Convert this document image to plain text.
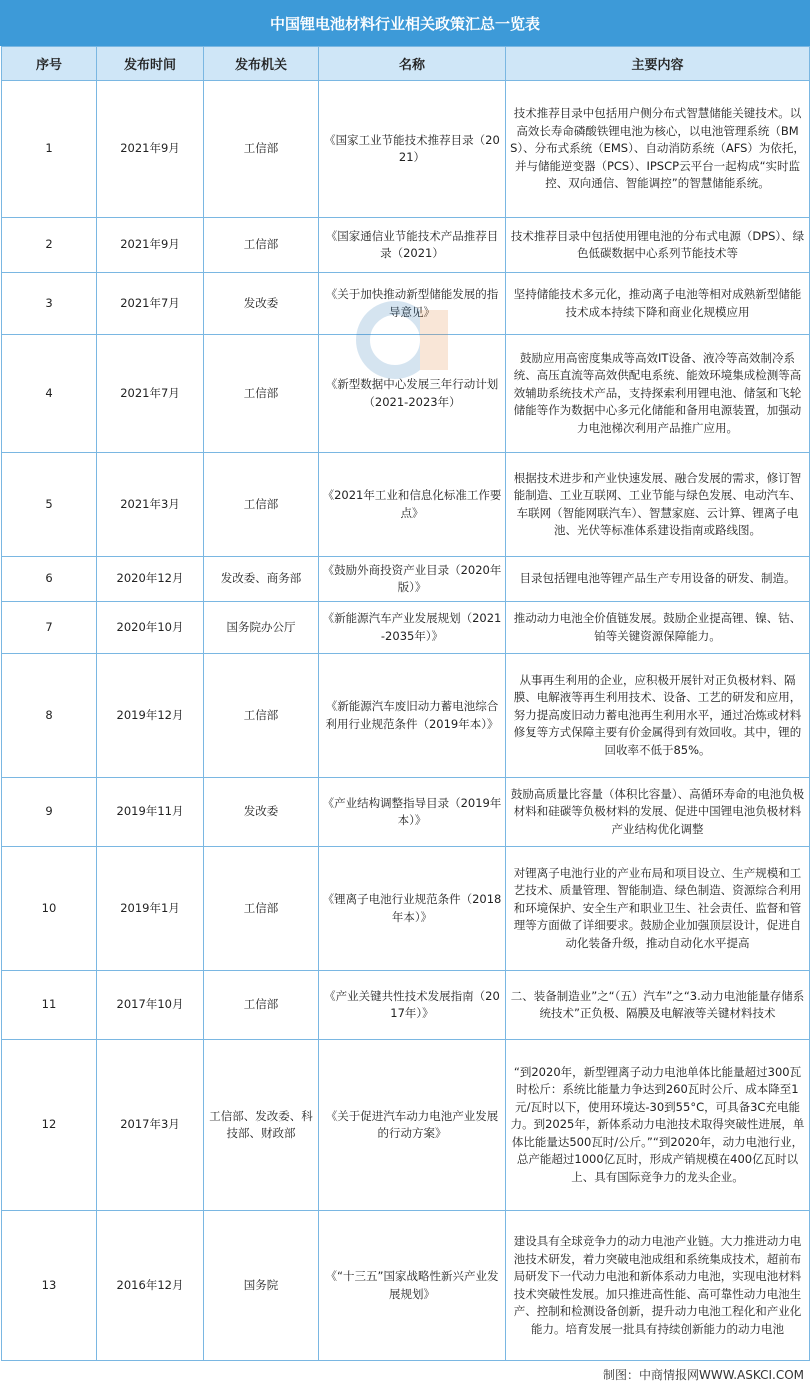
中国锂电池材料行业相关政策汇总一览表
序号	发布时间	发布机关	名称	主要内容
1	2021年9月	工信部	《国家工业节能技术推荐目录（2021）	技术推荐目录中包括用户侧分布式智慧储能关键技术。以高效长寿命磷酸铁锂电池为核心，以电池管理系统（BMS）、分布式系统（EMS）、自动消防系统（AFS）为依托，并与储能逆变器（PCS）、IPSCP云平台一起构成“实时监控、双向通信、智能调控”的智慧储能系统。
2	2021年9月	工信部	《国家通信业节能技术产品推荐目录（2021）	技术推荐目录中包括使用锂电池的分布式电源（DPS）、绿色低碳数据中心系列节能技术等
3	2021年7月	发改委	《关于加快推动新型储能发展的指导意见》	坚持储能技术多元化，推动离子电池等相对成熟新型储能技术成本持续下降和商业化规模应用
4	2021年7月	工信部	《新型数据中心发展三年行动计划（2021-2023年）	鼓励应用高密度集成等高效IT设备、液冷等高效制冷系统、高压直流等高效供配电系统、能效环境集成检测等高效辅助系统技术产品，支持探索利用锂电池、储氢和飞轮储能等作为数据中心多元化储能和备用电源装置，加强动力电池梯次利用产品推广应用。
5	2021年3月	工信部	《2021年工业和信息化标准工作要点》	根据技术进步和产业快速发展、融合发展的需求，修订智能制造、工业互联网、工业节能与绿色发展、电动汽车、车联网（智能网联汽车）、智慧家庭、云计算、锂离子电池、光伏等标准体系建设指南或路线图。
6	2020年12月	发改委、商务部	《鼓励外商投资产业目录（2020年版）》	目录包括锂电池等锂产品生产专用设备的研发、制造。
7	2020年10月	国务院办公厅	《新能源汽车产业发展规划（2021-2035年）》	推动动力电池全价值链发展。鼓励企业提高锂、镍、钴、铂等关键资源保障能力。
8	2019年12月	工信部	《新能源汽车废旧动力蓄电池综合利用行业规范条件（2019年本）》	从事再生利用的企业，应积极开展针对正负极材料、隔膜、电解液等再生利用技术、设备、工艺的研发和应用，努力提高废旧动力蓄电池再生利用水平，通过冶炼或材料修复等方式保障主要有价金属得到有效回收。其中，锂的回收率不低于85%。
9	2019年11月	发改委	《产业结构调整指导目录（2019年本）》	鼓励高质量比容量（体积比容量）、高循环寿命的电池负极材料和硅碳等负极材料的发展、促进中国锂电池负极材料产业结构优化调整
10	2019年1月	工信部	《锂离子电池行业规范条件（2018年本）》	对锂离子电池行业的产业布局和项目设立、生产规模和工艺技术、质量管理、智能制造、绿色制造、资源综合利用和环境保护、安全生产和职业卫生、社会责任、监督和管理等方面做了详细要求。鼓励企业加强顶层设计，促进自动化装备升级，推动自动化水平提高
11	2017年10月	工信部	《产业关键共性技术发展指南（2017年）》	二、装备制造业”之“（五）汽车”之“3.动力电池能量存储系统技术”正负极、隔膜及电解液等关键材料技术
12	2017年3月	工信部、发改委、科技部、财政部	《关于促进汽车动力电池产业发展的行动方案》	“到2020年，新型锂离子动力电池单体比能量超过300瓦时松斤：系统比能量力争达到260瓦时公斤、成本降至1元/瓦时以下，使用环境达-30到55°C，可具备3C充电能力。到2025年，新体系动力电池技术取得突破性进展，单体比能量达500瓦时/公斤。”“到2020年，动力电池行业，总产能超过1000亿瓦时，形成产销规模在400亿瓦时以上、具有国际竞争力的龙头企业。
13	2016年12月	国务院	《“十三五”国家战略性新兴产业发展规划》	建设具有全球竞争力的动力电池产业链。大力推进动力电池技术研发，着力突破电池成组和系统集成技术，超前布局研发下一代动力电池和新体系动力电池，实现电池材料技术突破性发展。加只推进高性能、高可靠性动力电池生产、控制和检测设备创新，提升动力电池工程化和产业化能力。培育发展一批具有持续创新能力的动力电池
制图：中商情报网WWW.ASKCI.COM
